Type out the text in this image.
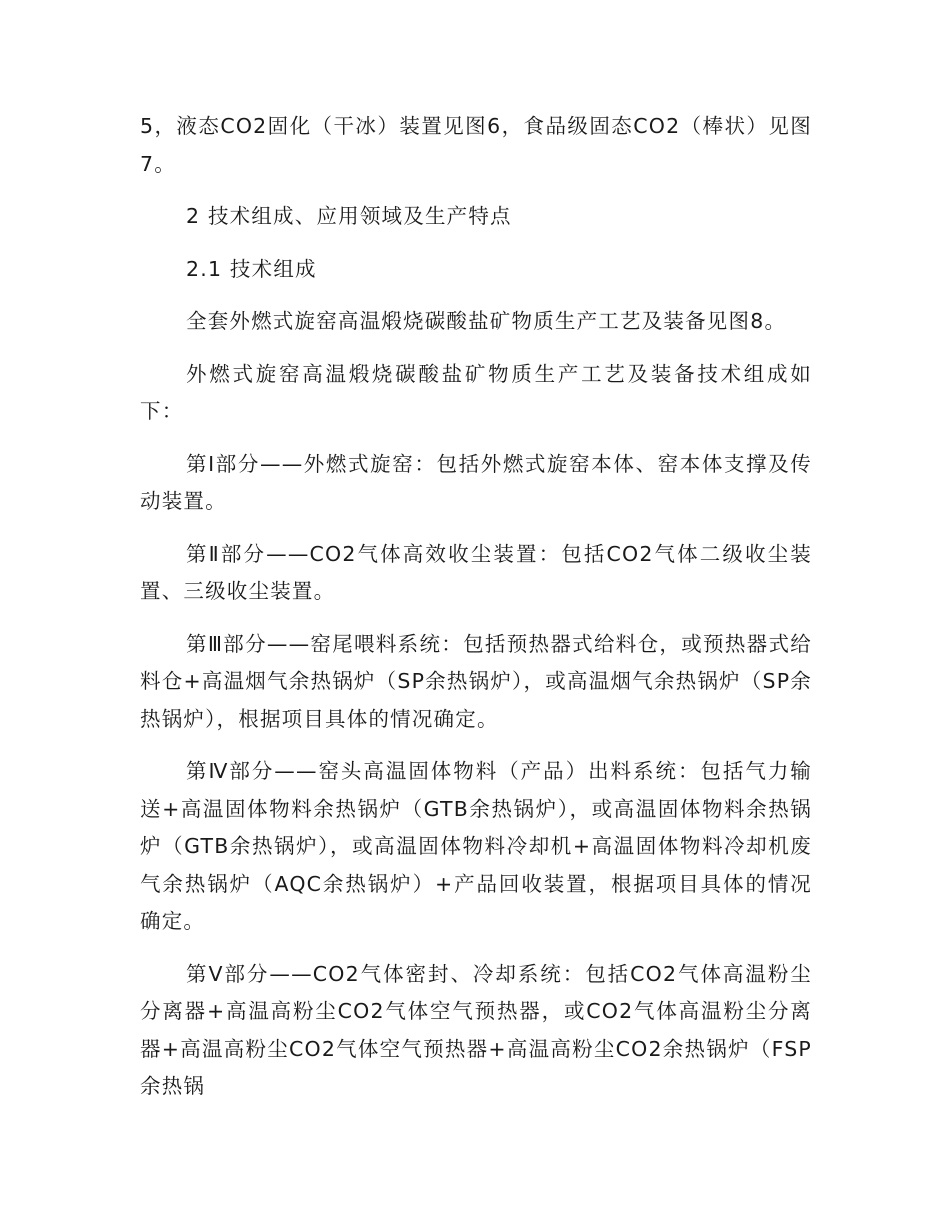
5，液态CO2固化（干冰）装置见图6，食品级固态CO2（棒状）见图7。

2 技术组成、应用领域及生产特点

2.1 技术组成

全套外燃式旋窑高温煅烧碳酸盐矿物质生产工艺及装备见图8。

外燃式旋窑高温煅烧碳酸盐矿物质生产工艺及装备技术组成如下：

第Ⅰ部分——外燃式旋窑：包括外燃式旋窑本体、窑本体支撑及传动装置。

第Ⅱ部分——CO2气体高效收尘装置：包括CO2气体二级收尘装置、三级收尘装置。

第Ⅲ部分——窑尾喂料系统：包括预热器式给料仓，或预热器式给料仓+高温烟气余热锅炉（SP余热锅炉），或高温烟气余热锅炉（SP余热锅炉），根据项目具体的情况确定。

第Ⅳ部分——窑头高温固体物料（产品）出料系统：包括气力输送+高温固体物料余热锅炉（GTB余热锅炉），或高温固体物料余热锅炉（GTB余热锅炉），或高温固体物料冷却机+高温固体物料冷却机废气余热锅炉（AQC余热锅炉）+产品回收装置，根据项目具体的情况确定。

第Ⅴ部分——CO2气体密封、冷却系统：包括CO2气体高温粉尘分离器+高温高粉尘CO2气体空气预热器，或CO2气体高温粉尘分离器+高温高粉尘CO2气体空气预热器+高温高粉尘CO2余热锅炉（FSP余热锅
